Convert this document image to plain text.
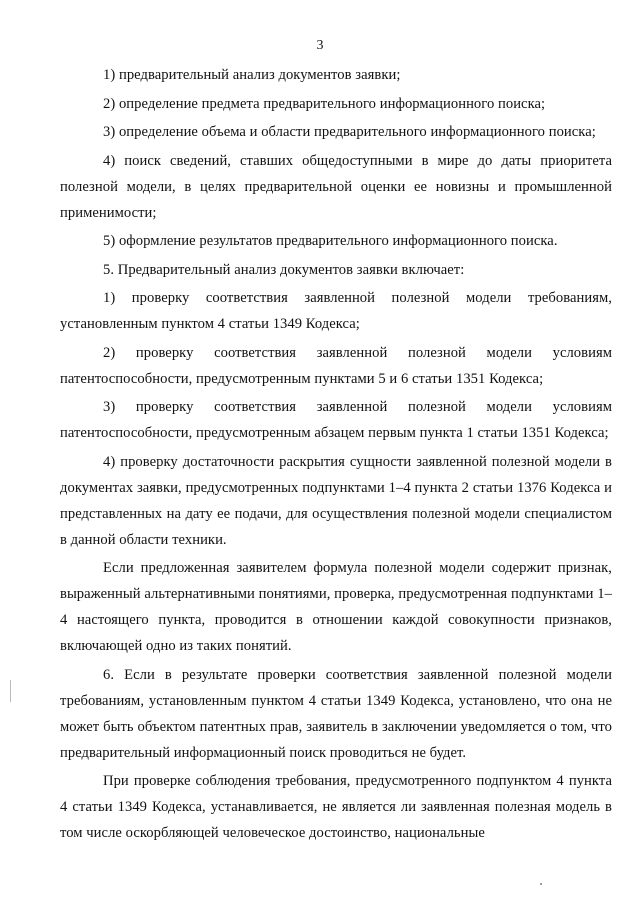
3

1) предварительный анализ документов заявки;

2) определение предмета предварительного информационного поиска;

3) определение объема и области предварительного информационного поиска;

4) поиск сведений, ставших общедоступными в мире до даты приоритета полезной модели, в целях предварительной оценки ее новизны и промышленной применимости;

5) оформление результатов предварительного информационного поиска.

5. Предварительный анализ документов заявки включает:

1) проверку соответствия заявленной полезной модели требованиям, установленным пунктом 4 статьи 1349 Кодекса;

2) проверку соответствия заявленной полезной модели условиям патентоспособности, предусмотренным пунктами 5 и 6 статьи 1351 Кодекса;

3) проверку соответствия заявленной полезной модели условиям патентоспособности, предусмотренным абзацем первым пункта 1 статьи 1351 Кодекса;

4) проверку достаточности раскрытия сущности заявленной полезной модели в документах заявки, предусмотренных подпунктами 1–4 пункта 2 статьи 1376 Кодекса и представленных на дату ее подачи, для осуществления полезной модели специалистом в данной области техники.

Если предложенная заявителем формула полезной модели содержит признак, выраженный альтернативными понятиями, проверка, предусмотренная подпунктами 1–4 настоящего пункта, проводится в отношении каждой совокупности признаков, включающей одно из таких понятий.

6. Если в результате проверки соответствия заявленной полезной модели требованиям, установленным пунктом 4 статьи 1349 Кодекса, установлено, что она не может быть объектом патентных прав, заявитель в заключении уведомляется о том, что предварительный информационный поиск проводиться не будет.

При проверке соблюдения требования, предусмотренного подпунктом 4 пункта 4 статьи 1349 Кодекса, устанавливается, не является ли заявленная полезная модель в том числе оскорбляющей человеческое достоинство, национальные
